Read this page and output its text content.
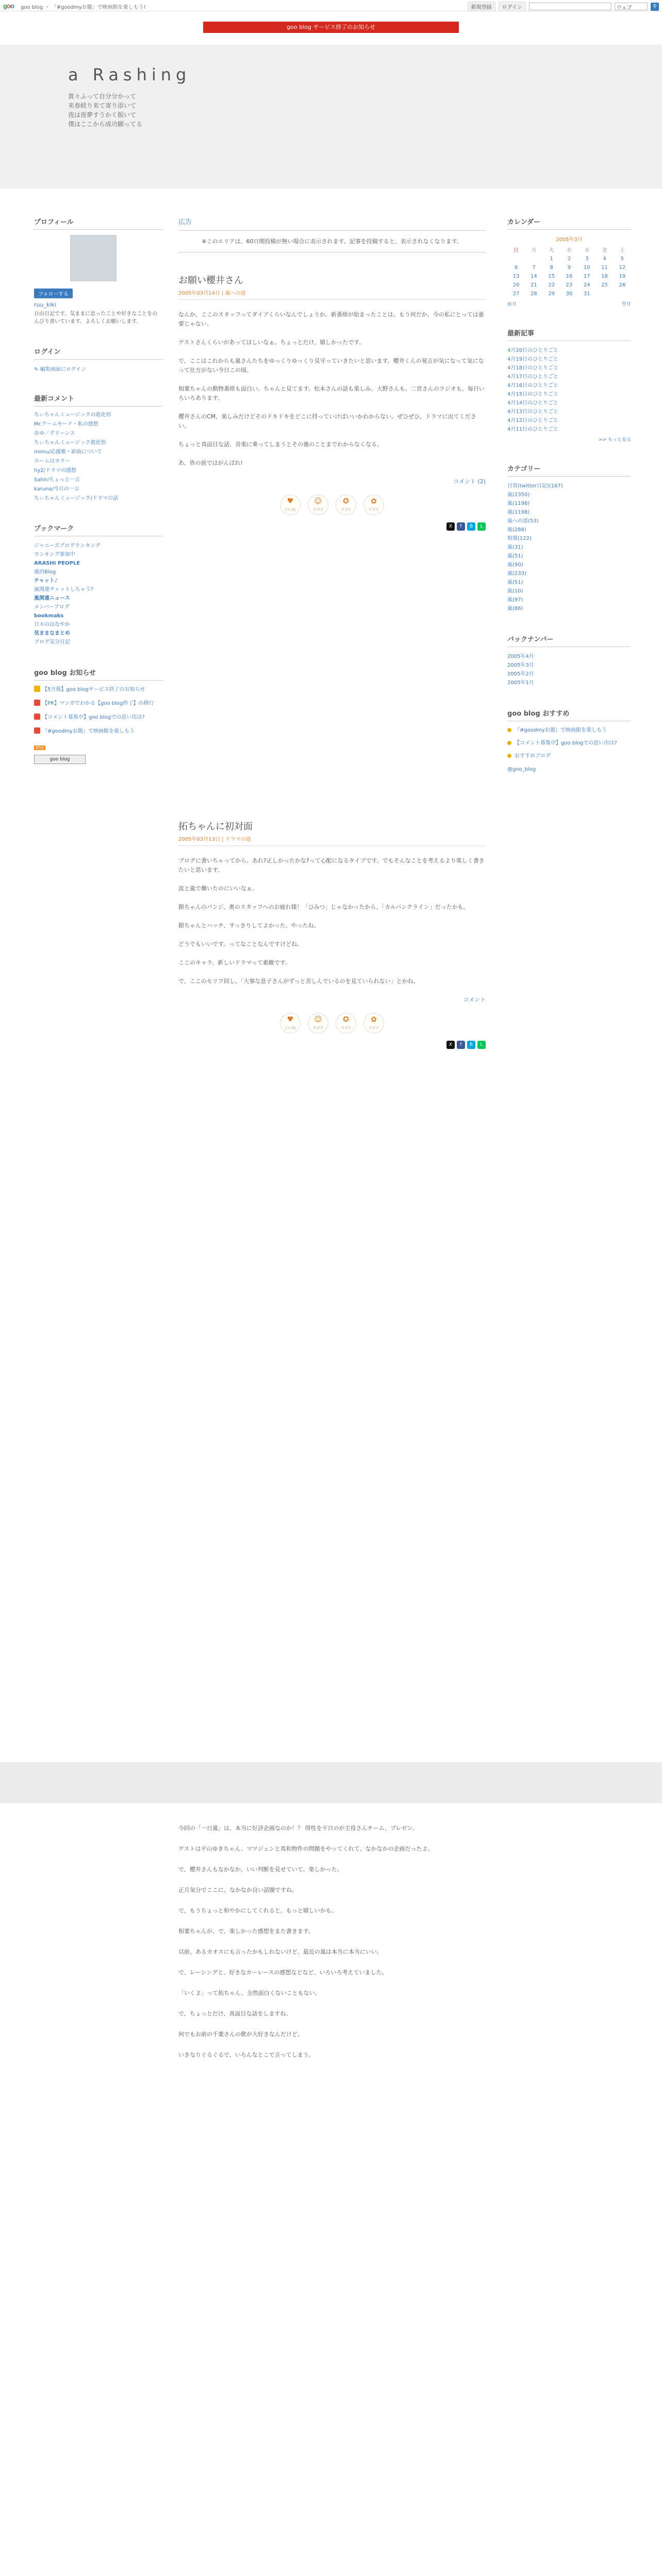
goo goo blog ・ 「#goodmyお題」で映画館を楽しもう!	新規登録	ログイン	ウェブ	⚲
goo blog サービス終了のお知らせ
a Rashing
貴々ふって自分分かって
来春続り来て寄り添いて
夜は夜夢すうかく振いて
僕はここから成功願ってる
プロフィール
フォローする
ruu_kiki
自由日記です。気ままに思ったことや好きなことをのんびり書いています。よろしくお願いします。
ログイン
✎ 編集画面にログイン
最新コメント
ちぃちゃんミュージックの進化形
Mr.ゲームモード・私の感想
あゆ／グリーンス
ちぃちゃんミュージック進化形
mimu/応援歌・新曲について
ホームはカラー
hy2/ドラマの感想
Sahir/ちょっと一言
karuna/今日の一言
ちぃちゃんミュージック/ドラマの話
ブックマーク
ジャニーズプログランキング
ランキング参加中
ARASHI PEOPLE
嵐的Blog
チャット♪
嵐関連チャットしちゃう?
嵐関連ニュース
メンバーブログ
bookmaks
日々のはなやか
気ままなまとめ
ブログ気分日記
goo blog お知らせ
【5月報】goo blogサービス終了のお知らせ
【PR】マンガでわかる【goo blog終了】の移行
【コメント募集中】goo blogでの思い出は?
『#goodmyお題』で映画館を楽しもう
RSS
goo blog
広告
※このエリアは、60日間投稿が無い場合に表示されます。記事を投稿すると、表示されなくなります。
お願い櫻井さん
2005年03月14日 | 嵐への道

なんか、ここのスタッフってダイブくらいなんでしょうか。新番組が始まったことは、もう何だか、今の私にとっては重要じゃない。

ゲストさんくらいがあってほしいなぁ。ちょっとだけ、嬉しかったです。

で、ここはこれからも嵐さんたちをゆっくりゆっくり見守っていきたいと思います。櫻井くんの発言が気になって気になって仕方がない今日この頃。

相葉ちゃんの動物番組も面白い。ちゃんと見てます。松本さんの話も楽しみ。大野さんも。二宮さんのラジオも。毎日いろいろあります。

櫻井さんのCM、楽しみだけどそのドキドキをどこに持っていけばいいかわからない。ぜひぜひ、ドラマに出てください。

ちょっと真面目な話、音楽に乗ってしまうとその後のことまでわからなくなる。

あ、皆の前ではがんばれ!

コメント (2)
♥
いいね
☺
スゴイ
✪
スゴイ
✿
スゴイ
X	f	B	L
拓ちゃんに初対面
2005年03月13日 | ドラマの道

ブログに書いちゃってから、あれ?正しかったかな?って心配になるタイプです。でもそんなことを考えるより楽しく書きたいと思います。

波と嵐で働いたのにいいなぁ。

銀ちゃんのバンジ、奥のスタッフへのお疲れ様！「ひみつ」じゃなかったから、「カルバンクライン」だったかも。

銀ちゃんとハッチ、すっきりしてよかった。やったね。

どうでもいいです。ってなことなんですけどね。

ここのキャラ、新しいドラマって素敵です。

で、ここのセリフ回し、「大事な息子さんがずっと苦しんでいるのを見ていられない」とかね。

コメント
♥
いいね
☺
スゴイ
✪
スゴイ
✿
スゴイ
X	f	B	L
カレンダー
2005年3月
日	月	火	水	木	金	土
		1	2	3	4	5
6	7	8	9	10	11	12
13	14	15	16	17	18	19
20	21	22	23	24	25	26
27	28	29	30	31		
前月	翌月
最新記事
4月20日のひとりごと
4月19日のひとりごと
4月18日のひとりごと
4月17日のひとりごと
4月16日のひとりごと
4月15日のひとりごと
4月14日のひとりごと
4月13日のひとりごと
4月12日のひとりごと
4月11日のひとりごと
>> もっと見る
カテゴリー
日常(twitter日記)(167)
嵐(2350)
嵐(1198)
嵐(1198)
嵐への道(53)
嵐(288)
相葉(122)
嵐(31)
嵐(51)
嵐(90)
嵐(233)
嵐(51)
嵐(10)
嵐(97)
嵐(86)
バックナンバー
2005年4月
2005年3月
2005年2月
2005年1月
goo blog おすすめ
『#goodmyお題』で映画館を楽しもう
【コメント募集中】goo blogでの思い出は?
おすすめブログ
@goo_blog

今回の「一日嵐」は、本当に好評企画なのか！？ 得性を平日のが主役さんチーム、プレゼン。

ゲストは平山ゆきちゃん、マツジュンと真和物件の問題をやってくれて、なかなかの企画だったよ。

で、櫻井さんもなかなか、いい判断を見せていて、楽しかった。

正月気分でここに、なかなか良い話題ですね。

で、もうちょっと和やかにしてくれると、もっと嬉しいかも。

相葉ちゃんが、で、楽しかった感想をまた書きます。

以前、あるカオスにも言ったかもしれないけど、最近の嵐は本当に本当にいい。

で、レーシングと、好きなカーレースの感想などなど、いろいろ考えていました。

「いくよ」って拓ちゃん、全然面白くないこともない。

で、ちょっとだけ、真面目な話をしますね。

何でもお前の千葉さんの歌が大好きなんだけど。

いきなりぐるぐるで、いろんなとこで言ってしまう。
